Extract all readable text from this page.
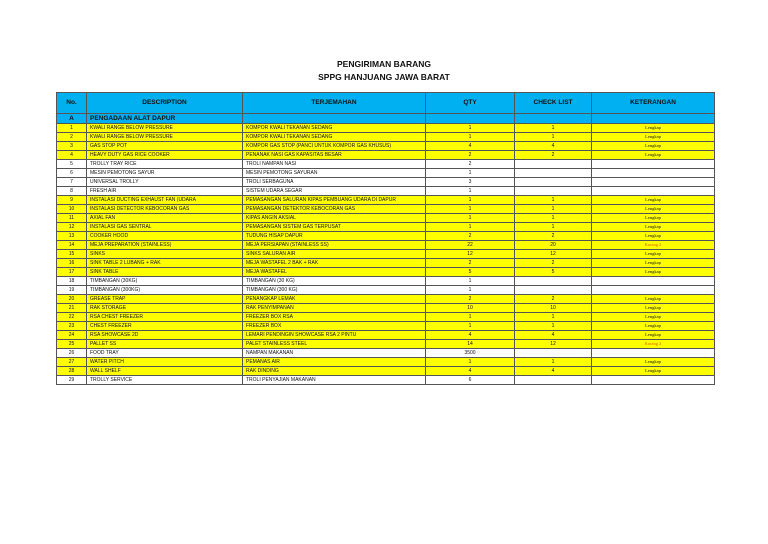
PENGIRIMAN BARANG
SPPG HANJUANG JAWA BARAT
No.	DESCRIPTION	TERJEMAHAN	QTY	CHECK LIST	KETERANGAN
A	PENGADAAN ALAT DAPUR				
1	KWALI RANGE BELOW PRESSURE	KOMPOR KWALI TEKANAN SEDANG	1	1	Lengkap
2	KWALI RANGE BELOW PRESSURE	KOMPOR KWALI TEKANAN SEDANG	1	1	Lengkap
3	GAS STOP POT	KOMPOR GAS STOP (PANCI UNTUK KOMPOR GAS KHUSUS)	4	4	Lengkap
4	HEAVY DUTY GAS RICE COOKER	PENANAK NASI GAS KAPASITAS BESAR	2	2	Lengkap
5	TROLLY TRAY RICE	TROLI NAMPAN NASI	2		
6	MESIN PEMOTONG SAYUR	MESIN PEMOTONG SAYURAN	1		
7	UNIVERSAL TROLLY	TROLI SERBAGUNA	3		
8	FRESH AIR	SISTEM UDARA SEGAR	1		
9	INSTALASI DUCTING EXHAUST FAN (UDARA	PEMASANGAN SALURAN KIPAS PEMBUANG UDARA DI DAPUR	1	1	Lengkap
10	INSTALASI DETECTOR KEBOCORAN GAS	PEMASANGAN DETEKTOR KEBOCORAN GAS	1	1	Lengkap
11	AXIAL FAN	KIPAS ANGIN AKSIAL	1	1	Lengkap
12	INSTALASI GAS SENTRAL	PEMASANGAN SISTEM GAS TERPUSAT	1	1	Lengkap
13	COOKER HOOD	TUDUNG HISAP DAPUR	2	2	Lengkap
14	MEJA PREPARATION (STAINLESS)	MEJA PERSIAPAN (STAINLESS SS)	22	20	Kurang 2
15	SINKS	SINKS SALURAN AIR	12	12	Lengkap
16	SINK TABLE 2 LUBANG + RAK	MEJA WASTAFEL 2 BAK + RAK	2	2	Lengkap
17	SINK TABLE	MEJA WASTAFEL	5	5	Lengkap
18	TIMBANGAN (30KG)	TIMBANGAN (30 KG)	1		
19	TIMBANGAN (300KG)	TIMBANGAN (300 KG)	1		
20	GREASE TRAP	PENANGKAP LEMAK	2	2	Lengkap
21	RAK STORAGE	RAK PENYIMPANAN	10	10	Lengkap
22	RSA CHEST FREEZER	FREEZER BOX RSA	1	1	Lengkap
23	CHEST FREEZER	FREEZER BOX	1	1	Lengkap
24	RSA SHOWCASE 2D	LEMARI PENDINGIN SHOWCASE RSA 2 PINTU	4	4	Lengkap
25	PALLET SS	PALET STAINLESS STEEL	14	12	Kurang 2
26	FOOD TRAY	NAMPAN MAKANAN	3500		
27	WATER PITCH	PEMANAS AIR	1	1	Lengkap
28	WALL SHELF	RAK DINDING	4	4	Lengkap
29	TROLLY SERVICE	TROLI PENYAJIAN MAKANAN	6		
